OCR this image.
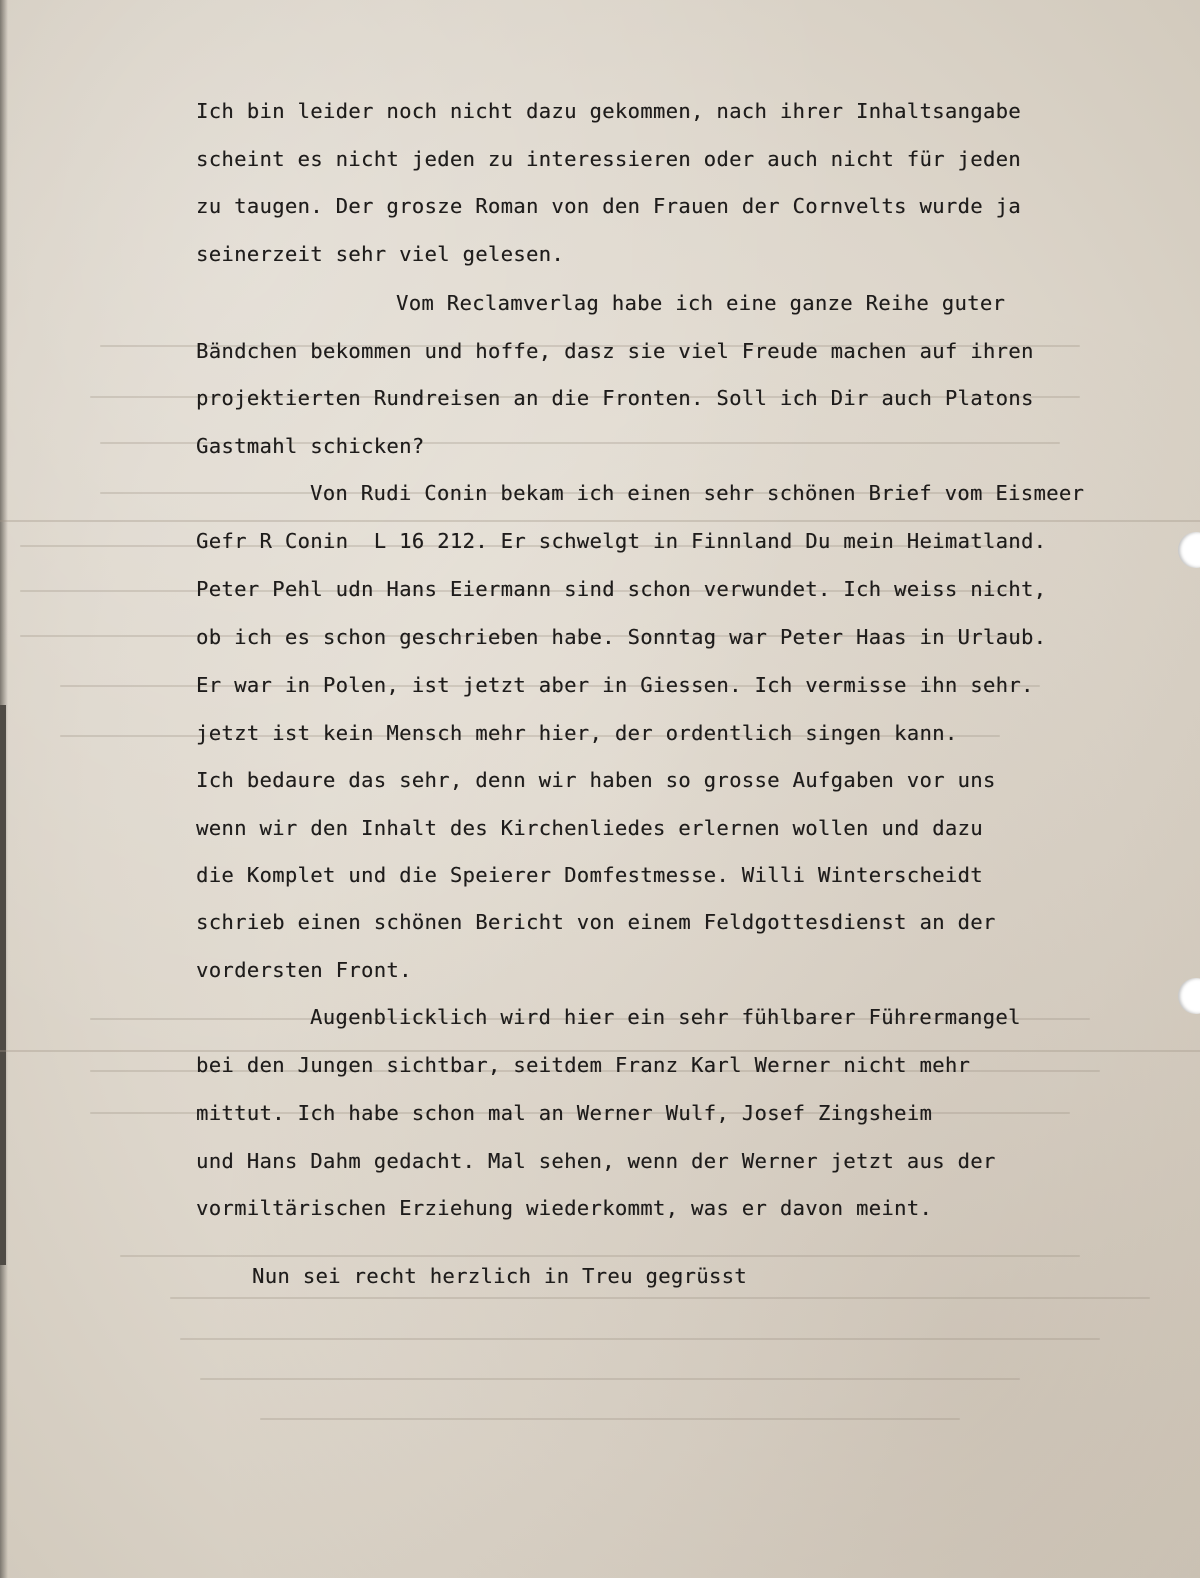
Ich bin leider noch nicht dazu gekommen, nach ihrer Inhaltsangabe
scheint es nicht jeden zu interessieren oder auch nicht für jeden
zu taugen. Der grosze Roman von den Frauen der Cornvelts wurde ja
seinerzeit sehr viel gelesen.
Vom Reclamverlag habe ich eine ganze Reihe guter
Bändchen bekommen und hoffe, dasz sie viel Freude machen auf ihren
projektierten Rundreisen an die Fronten. Soll ich Dir auch Platons
Gastmahl schicken?
Von Rudi Conin bekam ich einen sehr schönen Brief vom Eismeer
Gefr R Conin  L 16 212. Er schwelgt in Finnland Du mein Heimatland.
Peter Pehl udn Hans Eiermann sind schon verwundet. Ich weiss nicht,
ob ich es schon geschrieben habe. Sonntag war Peter Haas in Urlaub.
Er war in Polen, ist jetzt aber in Giessen. Ich vermisse ihn sehr.
jetzt ist kein Mensch mehr hier, der ordentlich singen kann.
Ich bedaure das sehr, denn wir haben so grosse Aufgaben vor uns
wenn wir den Inhalt des Kirchenliedes erlernen wollen und dazu
die Komplet und die Speierer Domfestmesse. Willi Winterscheidt
schrieb einen schönen Bericht von einem Feldgottesdienst an der
vordersten Front.
Augenblicklich wird hier ein sehr fühlbarer Führermangel
bei den Jungen sichtbar, seitdem Franz Karl Werner nicht mehr
mittut. Ich habe schon mal an Werner Wulf, Josef Zingsheim
und Hans Dahm gedacht. Mal sehen, wenn der Werner jetzt aus der
vormiltärischen Erziehung wiederkommt, was er davon meint.
Nun sei recht herzlich in Treu gegrüsst
